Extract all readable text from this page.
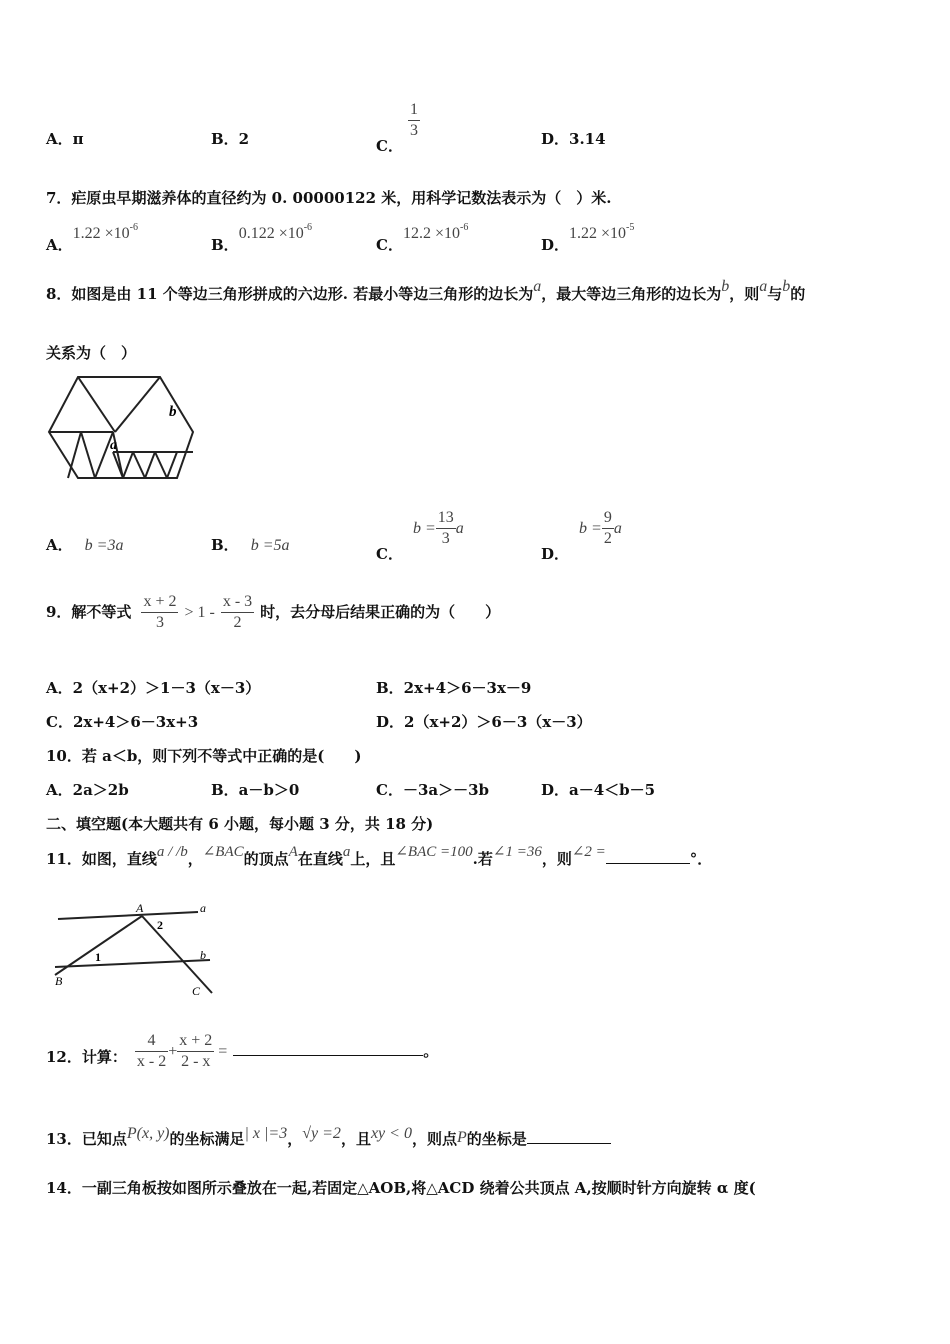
A．π	B．2	C．
$\frac{1}{3}$	D．3.14
7．疟原虫早期滋养体的直径约为 0. 00000122 米，用科学记数法表示为（　）米.
A．$1.22 \times 10^{-6}$
B．$0.122 \times 10^{-6}$
C．$12.2 \times 10^{-6}$
D．$1.22 \times 10^{-5}$
8．如图是由 11 个等边三角形拼成的六边形. 若最小等边三角形的边长为a，最大等边三角形的边长为b，则a与b的
关系为（　）
b
a
A． b =3a	B． b =5a	C．$b = \frac{13}{3}$ a
D．$b = \frac{9}{2}$ a
9．解不等式 $\frac{x + 2}{3} > 1 - \frac{x - 3}{2}$ 时，去分母后结果正确的为（　　）
A．2（x+2）＞1－3（x－3）	B．2x+4＞6－3x－9
C．2x+4＞6－3x+3	D．2（x+2）＞6－3（x－3）
10．若 a＜b，则下列不等式中正确的是(　　)
A．2a＞2b	B．a－b＞0	C．－3a＞－3b	D．a－4＜b－5
二、填空题(本大题共有 6 小题，每小题 3 分，共 18 分)
11．如图，直线a / /b，∠BAC的顶点A在直线a上，且∠BAC =100.若∠1 =36，则∠2 =	°．
A	a
b
B
C
1
2
12．计算： $\frac{4}{x - 2} + \frac{x + 2}{2 - x}$ =	。
13．已知点P(x, y)的坐标满足| x |=3，√y =2，且xy < 0，则点P的坐标是
14．一副三角板按如图所示叠放在一起,若固定△AOB,将△ACD 绕着公共顶点 A,按顺时针方向旋转 α 度(
